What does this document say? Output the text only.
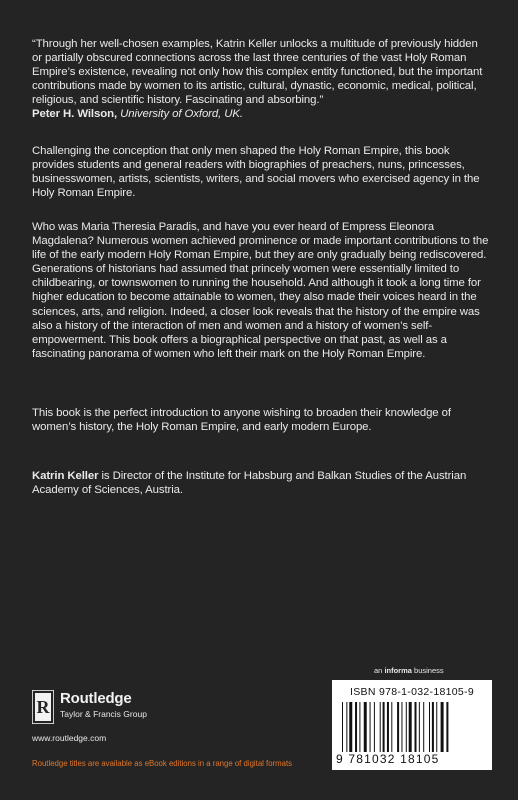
“Through her well-chosen examples, Katrin Keller unlocks a multitude of previously hidden or partially obscured connections across the last three centuries of the vast Holy Roman Empire’s existence, revealing not only how this complex entity functioned, but the important contributions made by women to its artistic, cultural, dynastic, economic, medical, political, religious, and scientific history. Fascinating and absorbing.”
Peter H. Wilson, University of Oxford, UK.
Challenging the conception that only men shaped the Holy Roman Empire, this book provides students and general readers with biographies of preachers, nuns, princesses, businesswomen, artists, scientists, writers, and social movers who exercised agency in the Holy Roman Empire.
Who was Maria Theresia Paradis, and have you ever heard of Empress Eleonora Magdalena? Numerous women achieved prominence or made important contributions to the life of the early modern Holy Roman Empire, but they are only gradually being rediscovered. Generations of historians had assumed that princely women were essentially limited to childbearing, or townswomen to running the household. And although it took a long time for higher education to become attainable to women, they also made their voices heard in the sciences, arts, and religion. Indeed, a closer look reveals that the history of the empire was also a history of the interaction of men and women and a history of women’s self-empowerment. This book offers a biographical perspective on that past, as well as a fascinating panorama of women who left their mark on the Holy Roman Empire.
This book is the perfect introduction to anyone wishing to broaden their knowledge of women’s history, the Holy Roman Empire, and early modern Europe.
Katrin Keller is Director of the Institute for Habsburg and Balkan Studies of the Austrian Academy of Sciences, Austria.
an informa business
R Routledge
Taylor & Francis Group
www.routledge.com
Routledge titles are available as eBook editions in a range of digital formats
ISBN 978-1-032-18105-9
9 781032 18105
